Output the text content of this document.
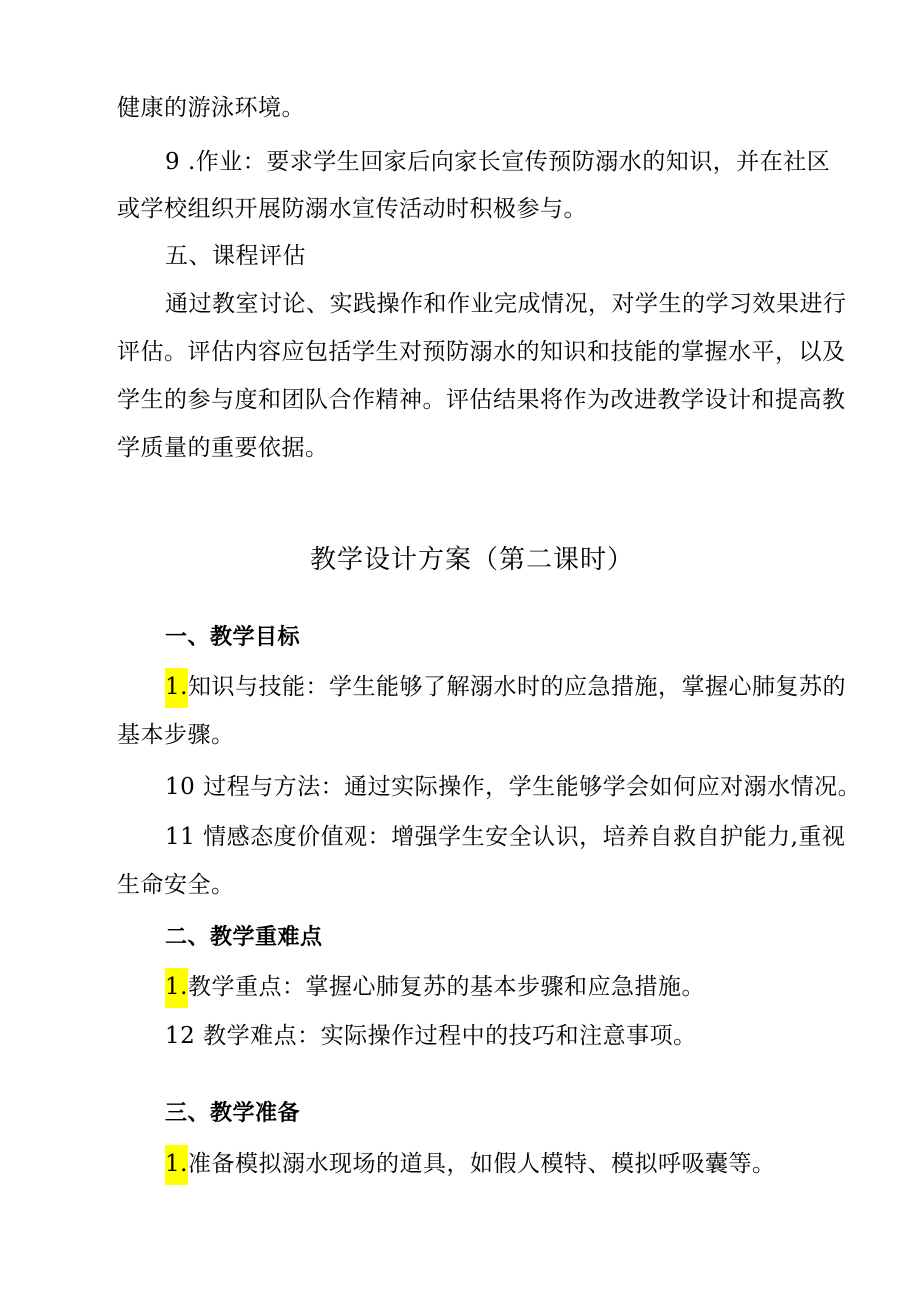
健康的游泳环境。
9 .作业：要求学生回家后向家长宣传预防溺水的知识，并在社区
或学校组织开展防溺水宣传活动时积极参与。
五、课程评估
通过教室讨论、实践操作和作业完成情况，对学生的学习效果进行
评估。评估内容应包括学生对预防溺水的知识和技能的掌握水平，以及
学生的参与度和团队合作精神。评估结果将作为改进教学设计和提高教
学质量的重要依据。
教学设计方案（第二课时）
一、教学目标
1.知识与技能：学生能够了解溺水时的应急措施，掌握心肺复苏的
基本步骤。
10 过程与方法：通过实际操作，学生能够学会如何应对溺水情况。
11 情感态度价值观：增强学生安全认识，培养自救自护能力,重视
生命安全。
二、教学重难点
1.教学重点：掌握心肺复苏的基本步骤和应急措施。
12 教学难点：实际操作过程中的技巧和注意事项。
三、教学准备
1.准备模拟溺水现场的道具，如假人模特、模拟呼吸囊等。
